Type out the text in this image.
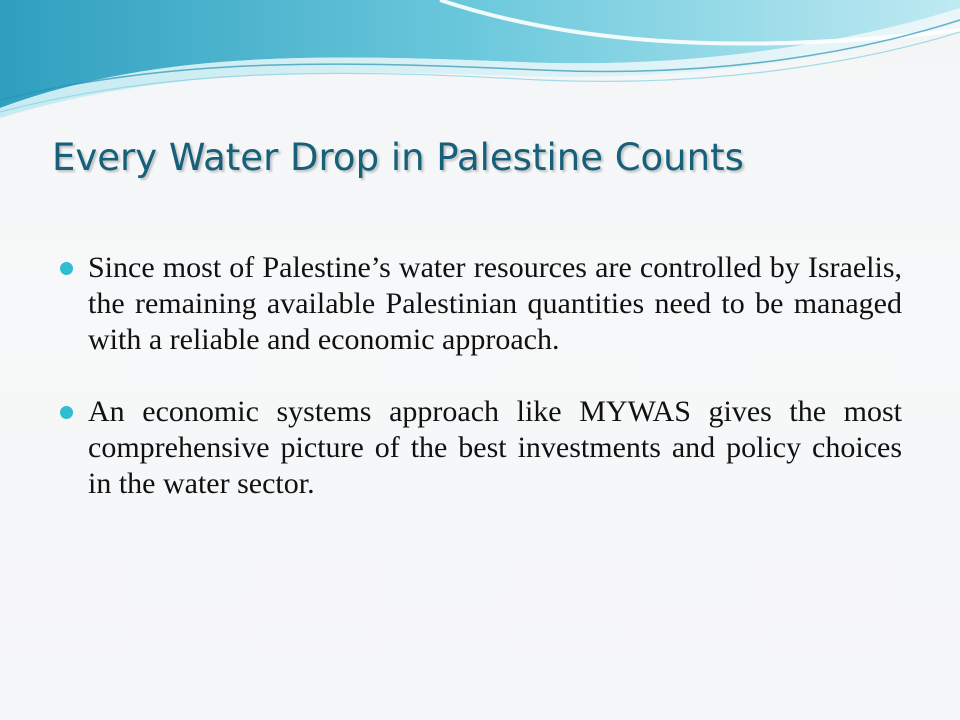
Every Water Drop in Palestine Counts
Since most of Palestine’s water resources are controlled by Israelis, the remaining available Palestinian quantities need to be managed with a reliable and economic approach.
An economic systems approach like MYWAS gives the most comprehensive picture of the best investments and policy choices in the water sector.
